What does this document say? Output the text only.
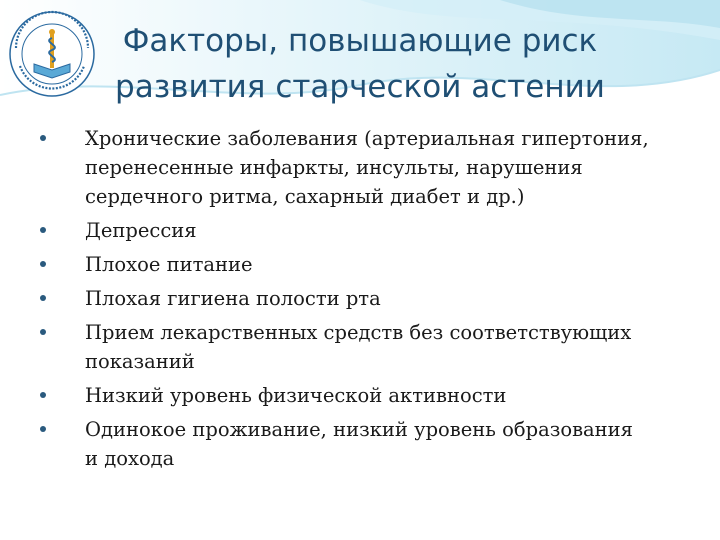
Факторы, повышающие риск
развития старческой астении
Хронические заболевания (артериальная гипертония,
перенесенные инфаркты, инсульты, нарушения
сердечного ритма, сахарный диабет и др.)
Депрессия
Плохое питание
Плохая гигиена полости рта
Прием лекарственных средств без соответствующих
показаний
Низкий уровень физической активности
Одинокое проживание, низкий уровень образования
и дохода
